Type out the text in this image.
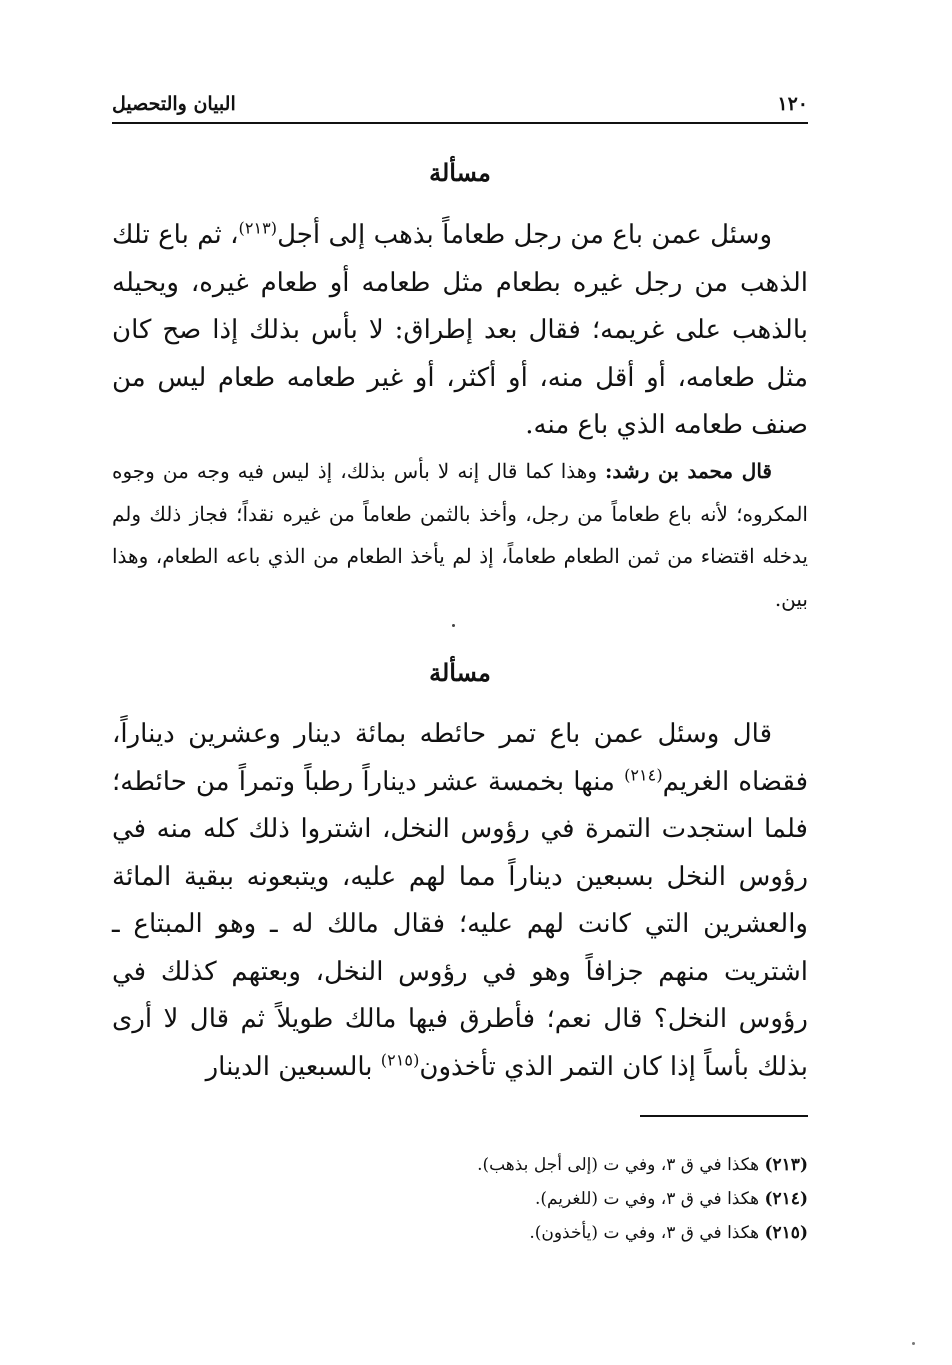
١٢٠
البيان والتحصيل
مسألة

وسئل عمن باع من رجل طعاماً بذهب إلى أجل$^{(٢١٣)}$، ثم باع تلك الذهب من رجل غيره بطعام مثل طعامه أو طعام غيره، ويحيله بالذهب على غريمه؛ فقال بعد إطراق: لا بأس بذلك إذا صح كان مثل طعامه، أو أقل منه، أو أكثر، أو غير طعامه طعام ليس من صنف طعامه الذي باع منه.

قال محمد بن رشد: وهذا كما قال إنه لا بأس بذلك، إذ ليس فيه وجه من وجوه المكروه؛ لأنه باع طعاماً من رجل، وأخذ بالثمن طعاماً من غيره نقداً؛ فجاز ذلك ولم يدخله اقتضاء من ثمن الطعام طعاماً، إذ لم يأخذ الطعام من الذي باعه الطعام، وهذا بين.

مسألة

قال وسئل عمن باع تمر حائطه بمائة دينار وعشرين ديناراً، فقضاه الغريم$^{(٢١٤)}$ منها بخمسة عشر ديناراً رطباً وتمراً من حائطه؛ فلما استجدت التمرة في رؤوس النخل، اشتروا ذلك كله منه في رؤوس النخل بسبعين ديناراً مما لهم عليه، ويتبعونه ببقية المائة والعشرين التي كانت لهم عليه؛ فقال مالك له ـ وهو المبتاع ـ اشتريت منهم جزافاً وهو في رؤوس النخل، وبعتهم كذلك في رؤوس النخل؟ قال نعم؛ فأطرق فيها مالك طويلاً ثم قال لا أرى بذلك بأساً إذا كان التمر الذي تأخذون$^{(٢١٥)}$ بالسبعين الدينار

(٢١٣) هكذا في ق ٣، وفي ت (إلى أجل بذهب).
(٢١٤) هكذا في ق ٣، وفي ت (للغريم).
(٢١٥) هكذا في ق ٣، وفي ت (يأخذون).
